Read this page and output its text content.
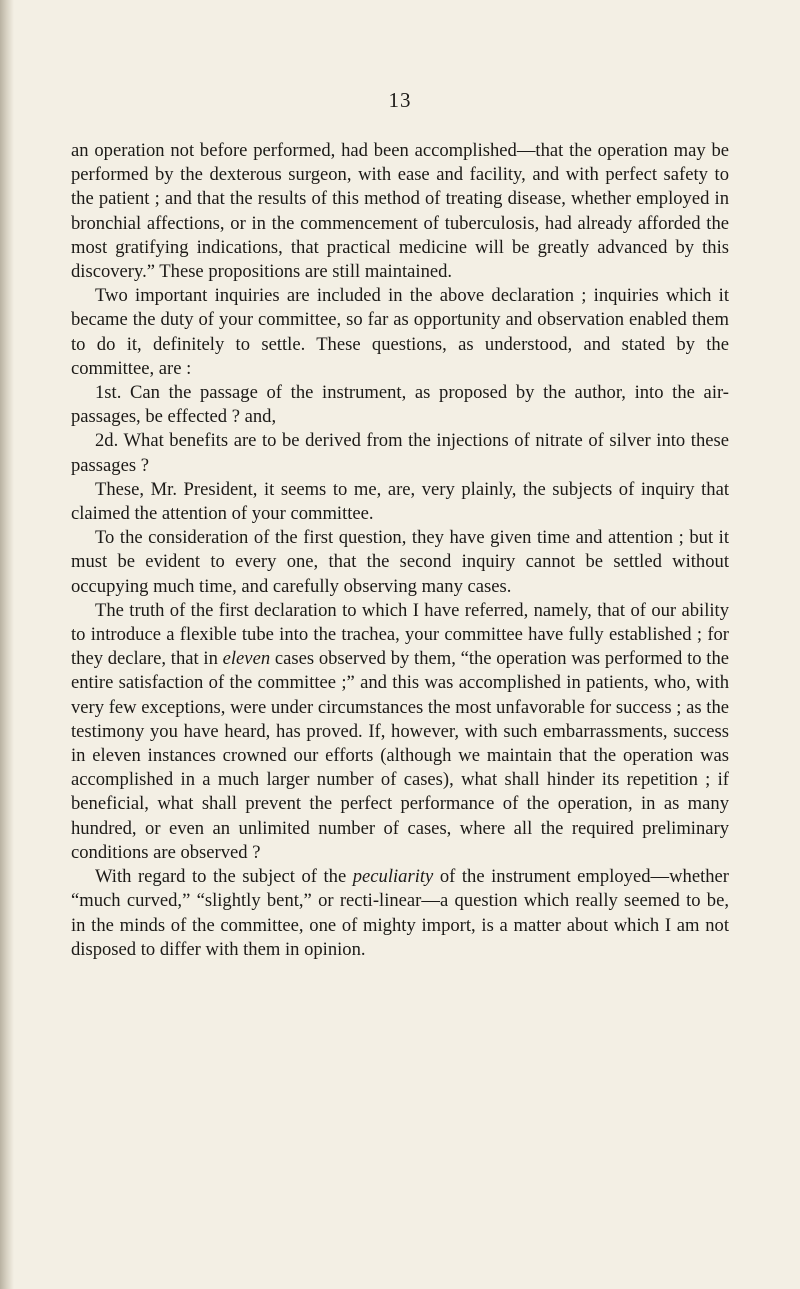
13

an operation not before performed, had been accomplished—that the operation may be performed by the dexterous surgeon, with ease and facility, and with perfect safety to the patient ; and that the results of this method of treating disease, whether employed in bronchial affections, or in the commencement of tuberculosis, had already afforded the most gratifying indications, that practical medicine will be greatly advanced by this discovery.” These propositions are still maintained.

Two important inquiries are included in the above declaration ; inquiries which it became the duty of your committee, so far as opportunity and observation enabled them to do it, definitely to settle. These questions, as understood, and stated by the committee, are :

1st. Can the passage of the instrument, as proposed by the author, into the air-passages, be effected ? and,

2d. What benefits are to be derived from the injections of nitrate of silver into these passages ?

These, Mr. President, it seems to me, are, very plainly, the subjects of inquiry that claimed the attention of your committee.

To the consideration of the first question, they have given time and attention ; but it must be evident to every one, that the second inquiry cannot be settled without occupying much time, and carefully observing many cases.

The truth of the first declaration to which I have referred, namely, that of our ability to introduce a flexible tube into the trachea, your committee have fully established ; for they declare, that in eleven cases observed by them, “the operation was performed to the entire satisfaction of the committee ;” and this was accomplished in patients, who, with very few exceptions, were under circumstances the most unfavorable for success ; as the testimony you have heard, has proved. If, however, with such embarrassments, success in eleven instances crowned our efforts (although we maintain that the operation was accomplished in a much larger number of cases), what shall hinder its repetition ; if beneficial, what shall prevent the perfect performance of the operation, in as many hundred, or even an unlimited number of cases, where all the required preliminary conditions are observed ?

With regard to the subject of the peculiarity of the instrument employed—whether “much curved,” “slightly bent,” or recti-linear—a question which really seemed to be, in the minds of the committee, one of mighty import, is a matter about which I am not disposed to differ with them in opinion.
